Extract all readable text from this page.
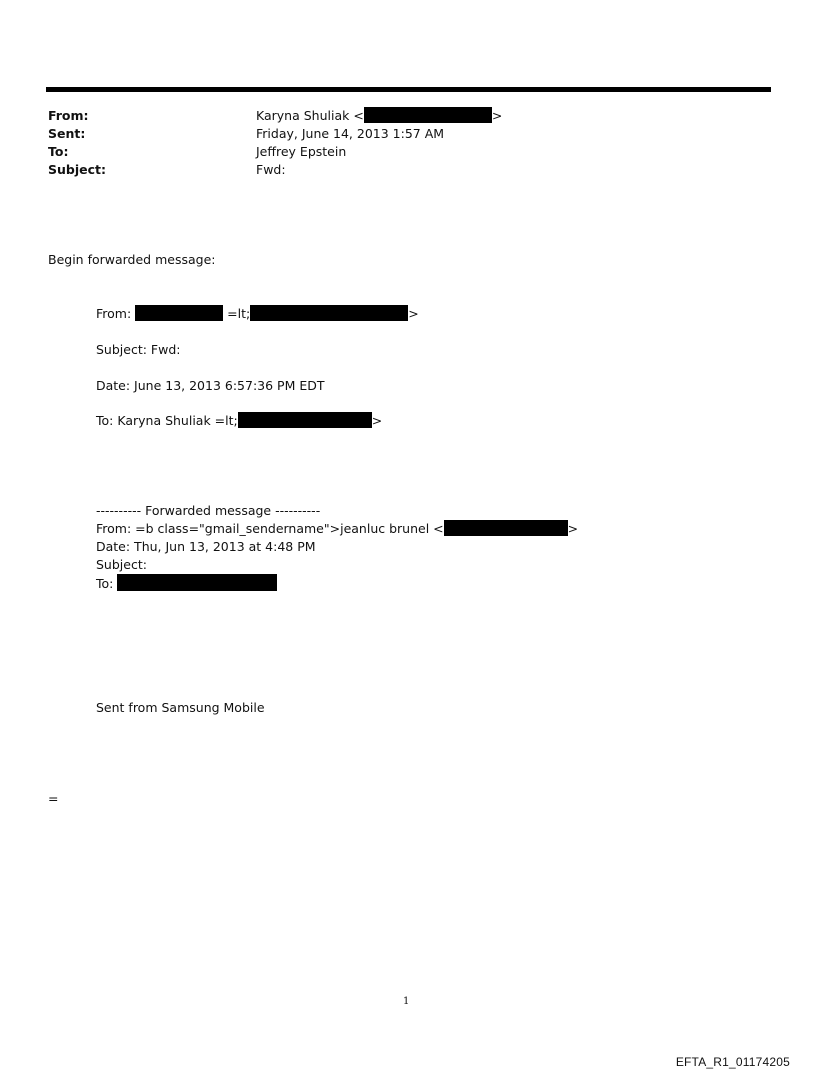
From:	Karyna Shuliak <	>
Sent:	Friday, June 14, 2013 1:57 AM
To:	Jeffrey Epstein
Subject:	Fwd:
Begin forwarded message:
From:	=lt;	>
Subject: Fwd:
Date: June 13, 2013 6:57:36 PM EDT
To: Karyna Shuliak =lt;	>
---------- Forwarded message ----------
From: =b class="gmail_sendername">jeanluc brunel <	>
Date: Thu, Jun 13, 2013 at 4:48 PM
Subject:
To:
Sent from Samsung Mobile
=
1
EFTA_R1_01174205
